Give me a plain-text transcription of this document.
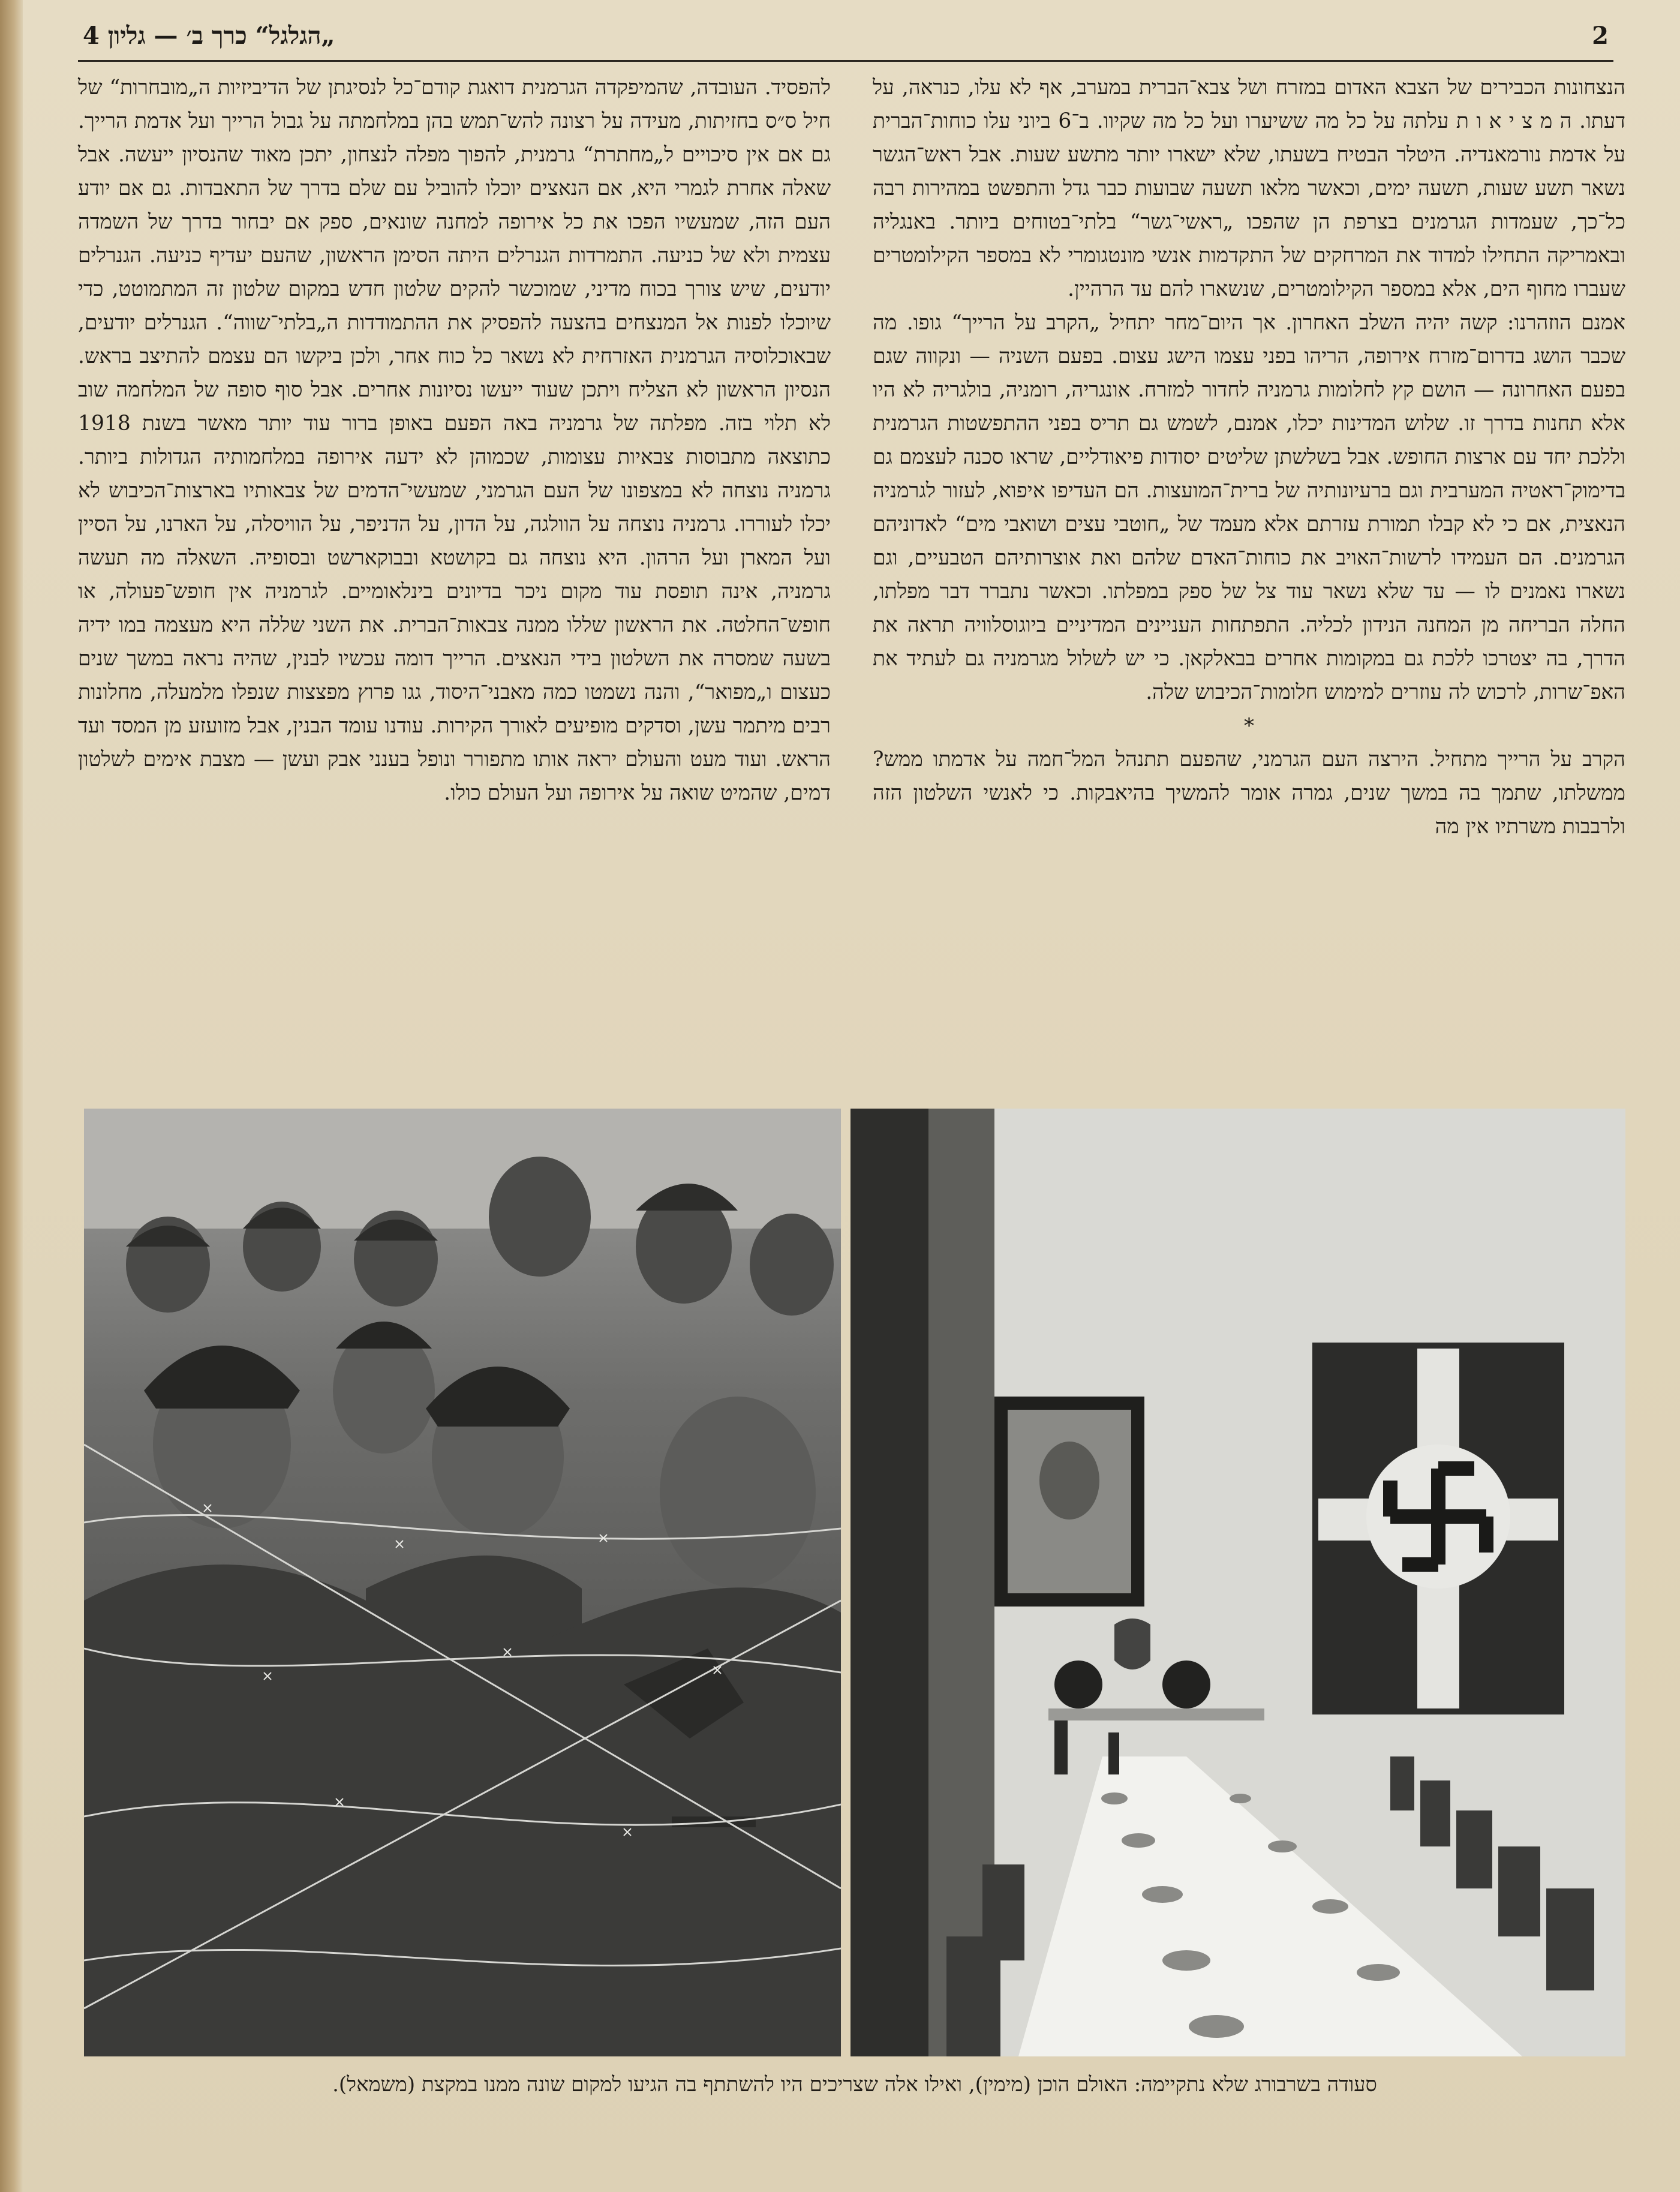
„הגלגל“ כרך ב׳ — גליון 4	2

הנצחונות הכבירים של הצבא האדום במזרח ושל צבא־הברית במערב, אף לא עלו, כנראה, על דעתו. ה מ צ י א ו ת עלתה על כל מה ששיערו ועל כל מה שקיוו. ב־6 ביוני עלו כוחות־הברית על אדמת נורמאנדיה. היטלר הבטיח בשעתו, שלא ישארו יותר מתשע שעות. אבל ראש־הגשר נשאר תשע שעות, תשעה ימים, וכאשר מלאו תשעה שבועות כבר גדל והתפשט במהירות רבה כל־כך, שעמדות הגרמנים בצרפת הן שהפכו „ראשי־גשר“ בלתי־בטוחים ביותר. באנגליה ובאמריקה התחילו למדוד את המרחקים של התקדמות אנשי מונטגומרי לא במספר הקילומטרים שעברו מחוף הים, אלא במספר הקילומטרים, שנשארו להם עד הרהיין.

אמנם הוזהרנו: קשה יהיה השלב האחרון. אך היום־מחר יתחיל „הקרב על הרייך“ גופו. מה שכבר הושג בדרום־מזרח אירופה, הריהו בפני עצמו הישג עצום. בפעם השניה — ונקווה שגם בפעם האחרונה — הושם קץ לחלומות גרמניה לחדור למזרח. אונגריה, רומניה, בולגריה לא היו אלא תחנות בדרך זו. שלוש המדינות יכלו, אמנם, לשמש גם תריס בפני ההתפשטות הגרמנית וללכת יחד עם ארצות החופש. אבל בשלשתן שליטים יסודות פיאודליים, שראו סכנה לעצמם גם בדימוק־ראטיה המערבית וגם ברעיונותיה של ברית־המועצות. הם העדיפו איפוא, לעזור לגרמניה הנאצית, אם כי לא קבלו תמורת עזרתם אלא מעמד של „חוטבי עצים ושואבי מים“ לאדוניהם הגרמנים. הם העמידו לרשות־האויב את כוחות־האדם שלהם ואת אוצרותיהם הטבעיים, וגם נשארו נאמנים לו — עד שלא נשאר עוד צל של ספק במפלתו. וכאשר נתברר דבר מפלתו, החלה הבריחה מן המחנה הנידון לכליה. התפתחות העניינים המדיניים ביוגוסלוויה תראה את הדרך, בה יצטרכו ללכת גם במקומות אחרים בבאלקאן. כי יש לשלול מגרמניה גם לעתיד את האפ־שרות, לרכוש לה עוזרים למימוש חלומות־הכיבוש שלה.

*

הקרב על הרייך מתחיל. הירצה העם הגרמני, שהפעם תתנהל המל־חמה על אדמתו ממש? ממשלתו, שתמך בה במשך שנים, גמרה אומר להמשיך בהיאבקות. כי לאנשי השלטון הזה ולרבבות משרתיו אין מה

להפסיד. העובדה, שהמיפקדה הגרמנית דואגת קודם־כל לנסיגתן של הדיביזיות ה„מובחרות“ של חיל ס״ס בחזיתות, מעידה על רצונה להש־תמש בהן במלחמתה על גבול הרייך ועל אדמת הרייך. גם אם אין סיכויים ל„מחתרת“ גרמנית, להפוך מפלה לנצחון, יתכן מאוד שהנסיון ייעשה. אבל שאלה אחרת לגמרי היא, אם הנאצים יוכלו להוביל עם שלם בדרך של התאבדות. גם אם יודע העם הזה, שמעשיו הפכו את כל אירופה למחנה שונאים, ספק אם יבחור בדרך של השמדה עצמית ולא של כניעה. התמרדות הגנרלים היתה הסימן הראשון, שהעם יעדיף כניעה. הגנרלים יודעים, שיש צורך בכוח מדיני, שמוכשר להקים שלטון חדש במקום שלטון זה המתמוטט, כדי שיוכלו לפנות אל המנצחים בהצעה להפסיק את ההתמודדות ה„בלתי־שווה“. הגנרלים יודעים, שבאוכלוסיה הגרמנית האזרחית לא נשאר כל כוח אחר, ולכן ביקשו הם עצמם להתיצב בראש. הנסיון הראשון לא הצליח ויתכן שעוד ייעשו נסיונות אחרים. אבל סוף סופה של המלחמה שוב לא תלוי בזה. מפלתה של גרמניה באה הפעם באופן ברור עוד יותר מאשר בשנת 1918 כתוצאה מתבוסות צבאיות עצומות, שכמוהן לא ידעה אירופה במלחמותיה הגדולות ביותר. גרמניה נוצחה לא במצפונו של העם הגרמני, שמעשי־הדמים של צבאותיו בארצות־הכיבוש לא יכלו לעוררו. גרמניה נוצחה על הוולגה, על הדון, על הדניפר, על הוויסלה, על הארנו, על הסיין ועל המארן ועל הרהון. היא נוצחה גם בקושטא ובבוקארשט ובסופיה. השאלה מה תעשה גרמניה, אינה תופסת עוד מקום ניכר בדיונים בינלאומיים. לגרמניה אין חופש־פעולה, או חופש־החלטה. את הראשון שללו ממנה צבאות־הברית. את השני שללה היא מעצמה במו ידיה בשעה שמסרה את השלטון בידי הנאצים. הרייך דומה עכשיו לבנין, שהיה נראה במשך שנים כעצום ו„מפואר“, והנה נשמטו כמה מאבני־היסוד, גגו פרוץ מפצצות שנפלו מלמעלה, מחלונות רבים מיתמר עשן, וסדקים מופיעים לאורך הקירות. עודנו עומד הבנין, אבל מזועזע מן המסד ועד הראש. ועוד מעט והעולם יראה אותו מתפורר ונופל בענני אבק ועשן — מצבת אימים לשלטון דמים, שהמיט שואה על אירופה ועל העולם כולו.

סעודה בשרבורג שלא נתקיימה: האולם הוכן (מימין), ואילו אלה שצריכים היו להשתתף בה הגיעו למקום שונה ממנו במקצת (משמאל).
